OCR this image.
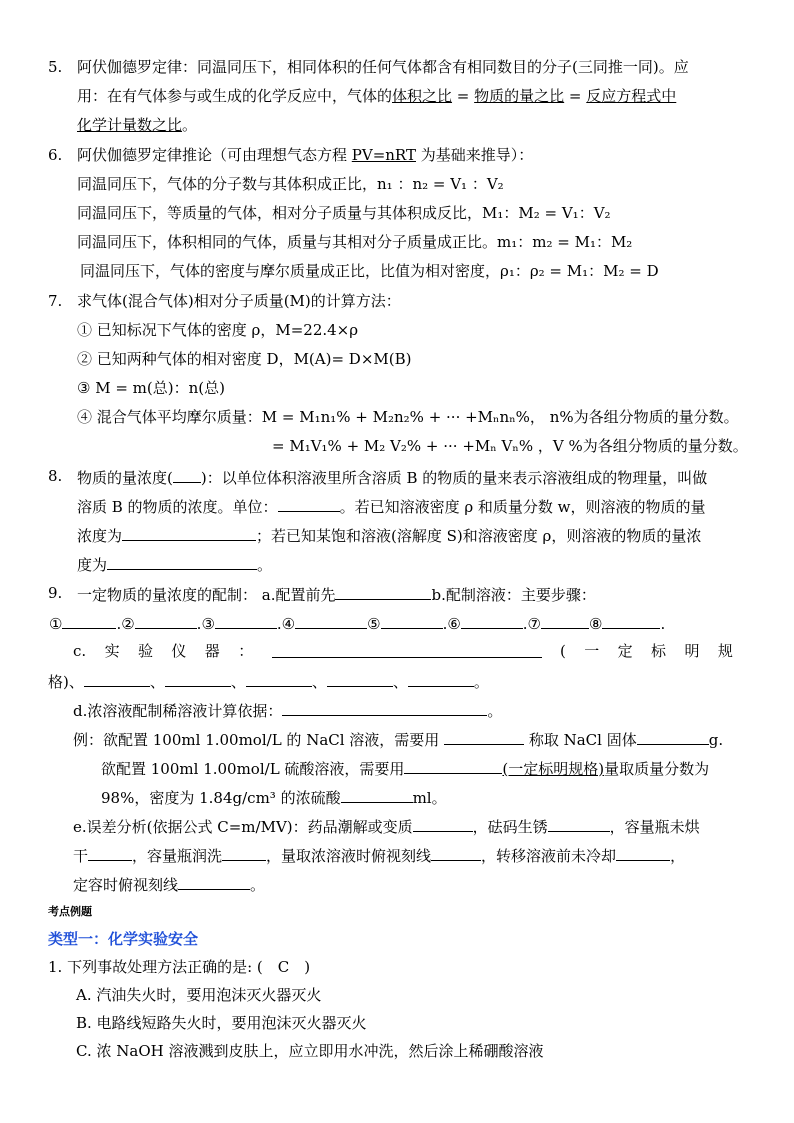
5. 阿伏伽德罗定律：同温同压下，相同体积的任何气体都含有相同数目的分子(三同推一同)。应
用：在有气体参与或生成的化学反应中，气体的体积之比 = 物质的量之比 = 反应方程式中
化学计量数之比。
6. 阿伏伽德罗定律推论（可由理想气态方程 PV=nRT 为基础来推导）：
同温同压下，气体的分子数与其体积成正比，n₁ ：n₂ = V₁ ：V₂
同温同压下，等质量的气体，相对分子质量与其体积成反比，M₁：M₂ = V₁：V₂
同温同压下，体积相同的气体，质量与其相对分子质量成正比。m₁：m₂ = M₁：M₂
同温同压下，气体的密度与摩尔质量成正比，比值为相对密度，ρ₁：ρ₂ = M₁：M₂ = D
7. 求气体(混合气体)相对分子质量(M)的计算方法：
① 已知标况下气体的密度 ρ，M=22.4×ρ
② 已知两种气体的相对密度 D，M(A)= D×M(B)
③ M = m(总)：n(总)
④ 混合气体平均摩尔质量：M = M₁n₁% + M₂n₂% + ··· +Mₙnₙ%， n%为各组分物质的量分数。
= M₁V₁% + M₂ V₂% + ··· +Mₙ Vₙ% ，V %为各组分物质的量分数。
8. 物质的量浓度( )：以单位体积溶液里所含溶质 B 的物质的量来表示溶液组成的物理量，叫做
溶质 B 的物质的浓度。单位：	。若已知溶液密度 ρ 和质量分数 w，则溶液的物质的量
浓度为	；若已知某饱和溶液(溶解度 S)和溶液密度 ρ，则溶液的物质的量浓
度为	。
9. 一定物质的量浓度的配制： a.配置前先	b.配制溶液：主要步骤：
①	.②	.③	.④	⑤	.⑥	.⑦	⑧	.
c. 实 验 仪 器 ：	( 一 定 标 明 规
格)、	、	、	、	、	。
d.浓溶液配制稀溶液计算依据：	。
例：欲配置 100ml 1.00mol/L 的 NaCl 溶液，需要用	称取 NaCl 固体	g.
欲配置 100ml 1.00mol/L 硫酸溶液，需要用	(一定标明规格)量取质量分数为
98%，密度为 1.84g/cm³ 的浓硫酸	ml。
e.误差分析(依据公式 C=m/MV)：药品潮解或变质	，砝码生锈	，容量瓶未烘
干	，容量瓶润洗	，量取浓溶液时俯视刻线	，转移溶液前未冷却	，
定容时俯视刻线	。
考点例题
类型一：化学实验安全
1. 下列事故处理方法正确的是: (　C　)
A. 汽油失火时，要用泡沫灭火器灭火
B. 电路线短路失火时，要用泡沫灭火器灭火
C. 浓 NaOH 溶液溅到皮肤上，应立即用水冲洗，然后涂上稀硼酸溶液
